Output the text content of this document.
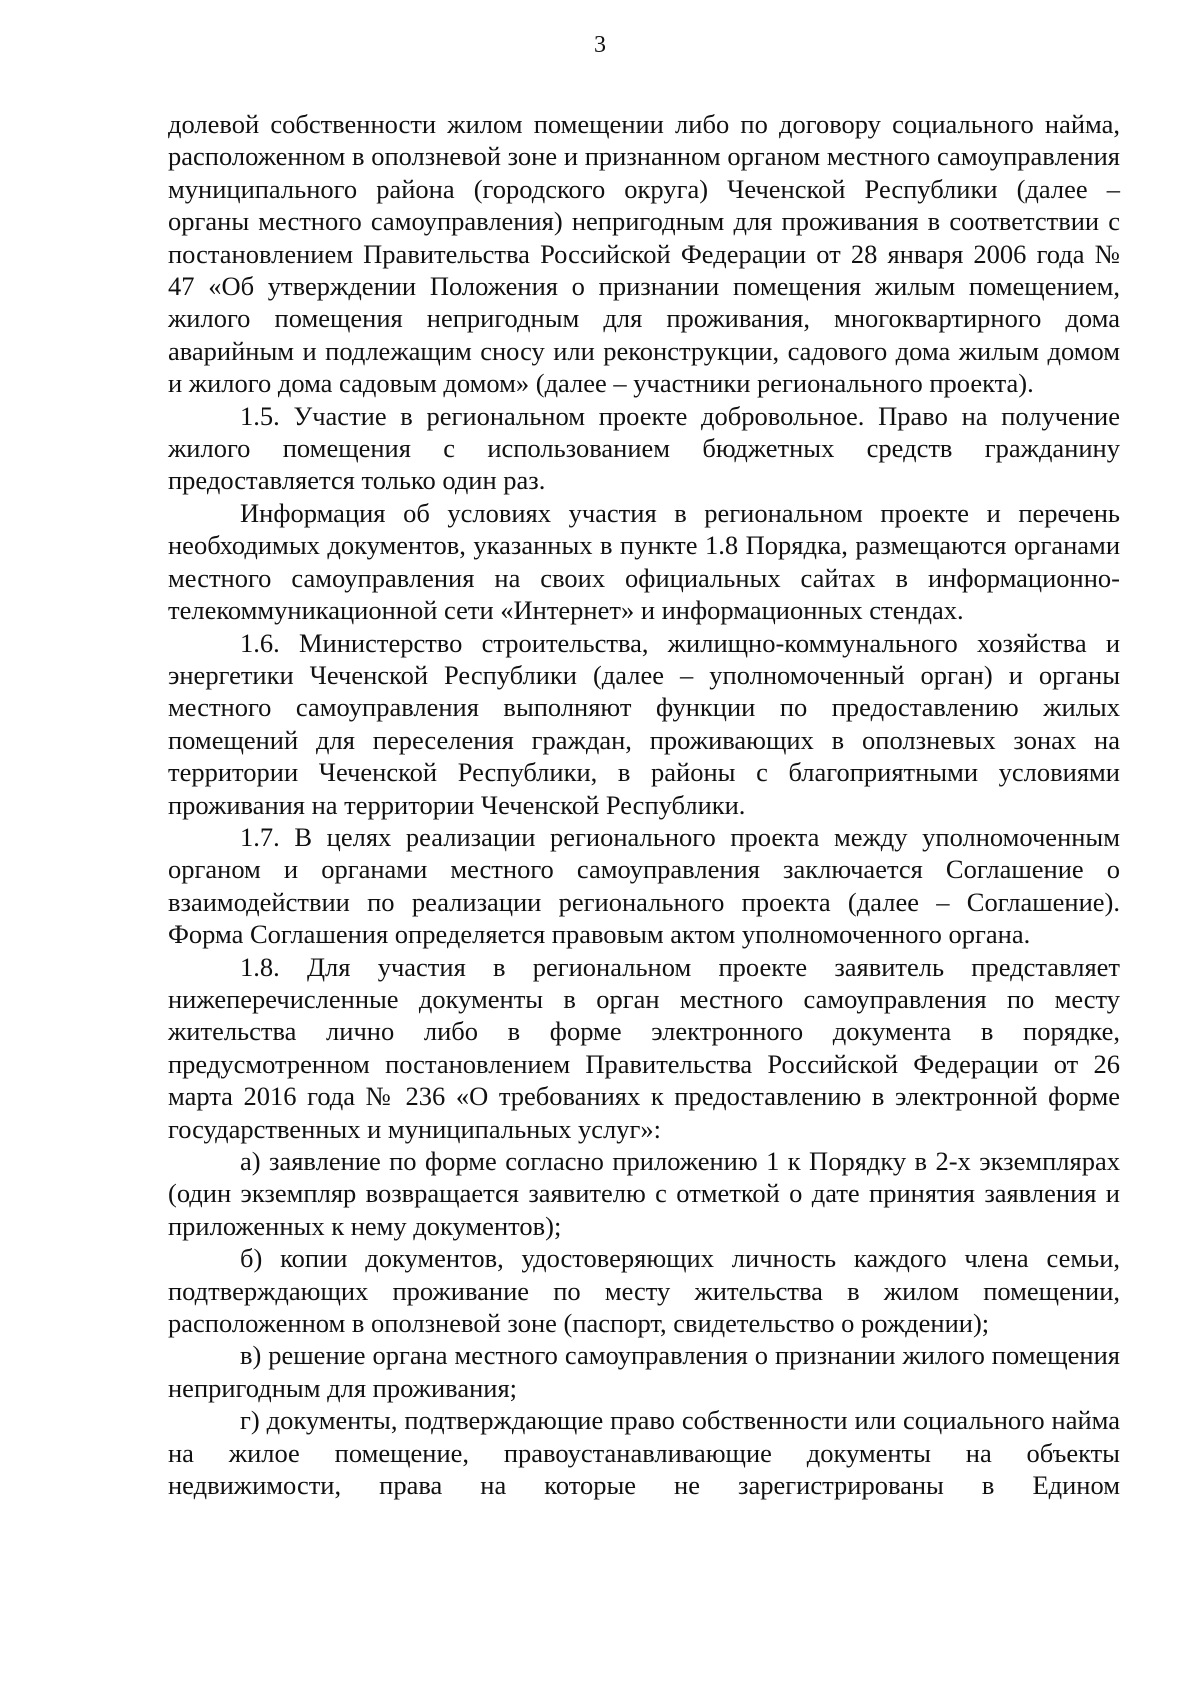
3

долевой собственности жилом помещении либо по договору социального найма, расположенном в оползневой зоне и признанном органом местного самоуправления муниципального района (городского округа) Чеченской Республики (далее – органы местного самоуправления) непригодным для проживания в соответствии с постановлением Правительства Российской Федерации от 28 января 2006 года № 47 «Об утверждении Положения о признании помещения жилым помещением, жилого помещения непригодным для проживания, многоквартирного дома аварийным и подлежащим сносу или реконструкции, садового дома жилым домом и жилого дома садовым домом» (далее – участники регионального проекта).

1.5. Участие в региональном проекте добровольное. Право на получение жилого помещения с использованием бюджетных средств гражданину предоставляется только один раз.

Информация об условиях участия в региональном проекте и перечень необходимых документов, указанных в пункте 1.8 Порядка, размещаются органами местного самоуправления на своих официальных сайтах в информационно-телекоммуникационной сети «Интернет» и информационных стендах.

1.6. Министерство строительства, жилищно-коммунального хозяйства и энергетики Чеченской Республики (далее – уполномоченный орган) и органы местного самоуправления выполняют функции по предоставлению жилых помещений для переселения граждан, проживающих в оползневых зонах на территории Чеченской Республики, в районы с благоприятными условиями проживания на территории Чеченской Республики.

1.7. В целях реализации регионального проекта между уполномоченным органом и органами местного самоуправления заключается Соглашение о взаимодействии по реализации регионального проекта (далее – Соглашение). Форма Соглашения определяется правовым актом уполномоченного органа.

1.8. Для участия в региональном проекте заявитель представляет нижеперечисленные документы в орган местного самоуправления по месту жительства лично либо в форме электронного документа в порядке, предусмотренном постановлением Правительства Российской Федерации от 26 марта 2016 года № 236 «О требованиях к предоставлению в электронной форме государственных и муниципальных услуг»:

а) заявление по форме согласно приложению 1 к Порядку в 2-х экземплярах (один экземпляр возвращается заявителю с отметкой о дате принятия заявления и приложенных к нему документов);

б) копии документов, удостоверяющих личность каждого члена семьи, подтверждающих проживание по месту жительства в жилом помещении, расположенном в оползневой зоне (паспорт, свидетельство о рождении);

в) решение органа местного самоуправления о признании жилого помещения непригодным для проживания;

г) документы, подтверждающие право собственности или социального найма на жилое помещение, правоустанавливающие документы на объекты недвижимости, права на которые не зарегистрированы в Едином
